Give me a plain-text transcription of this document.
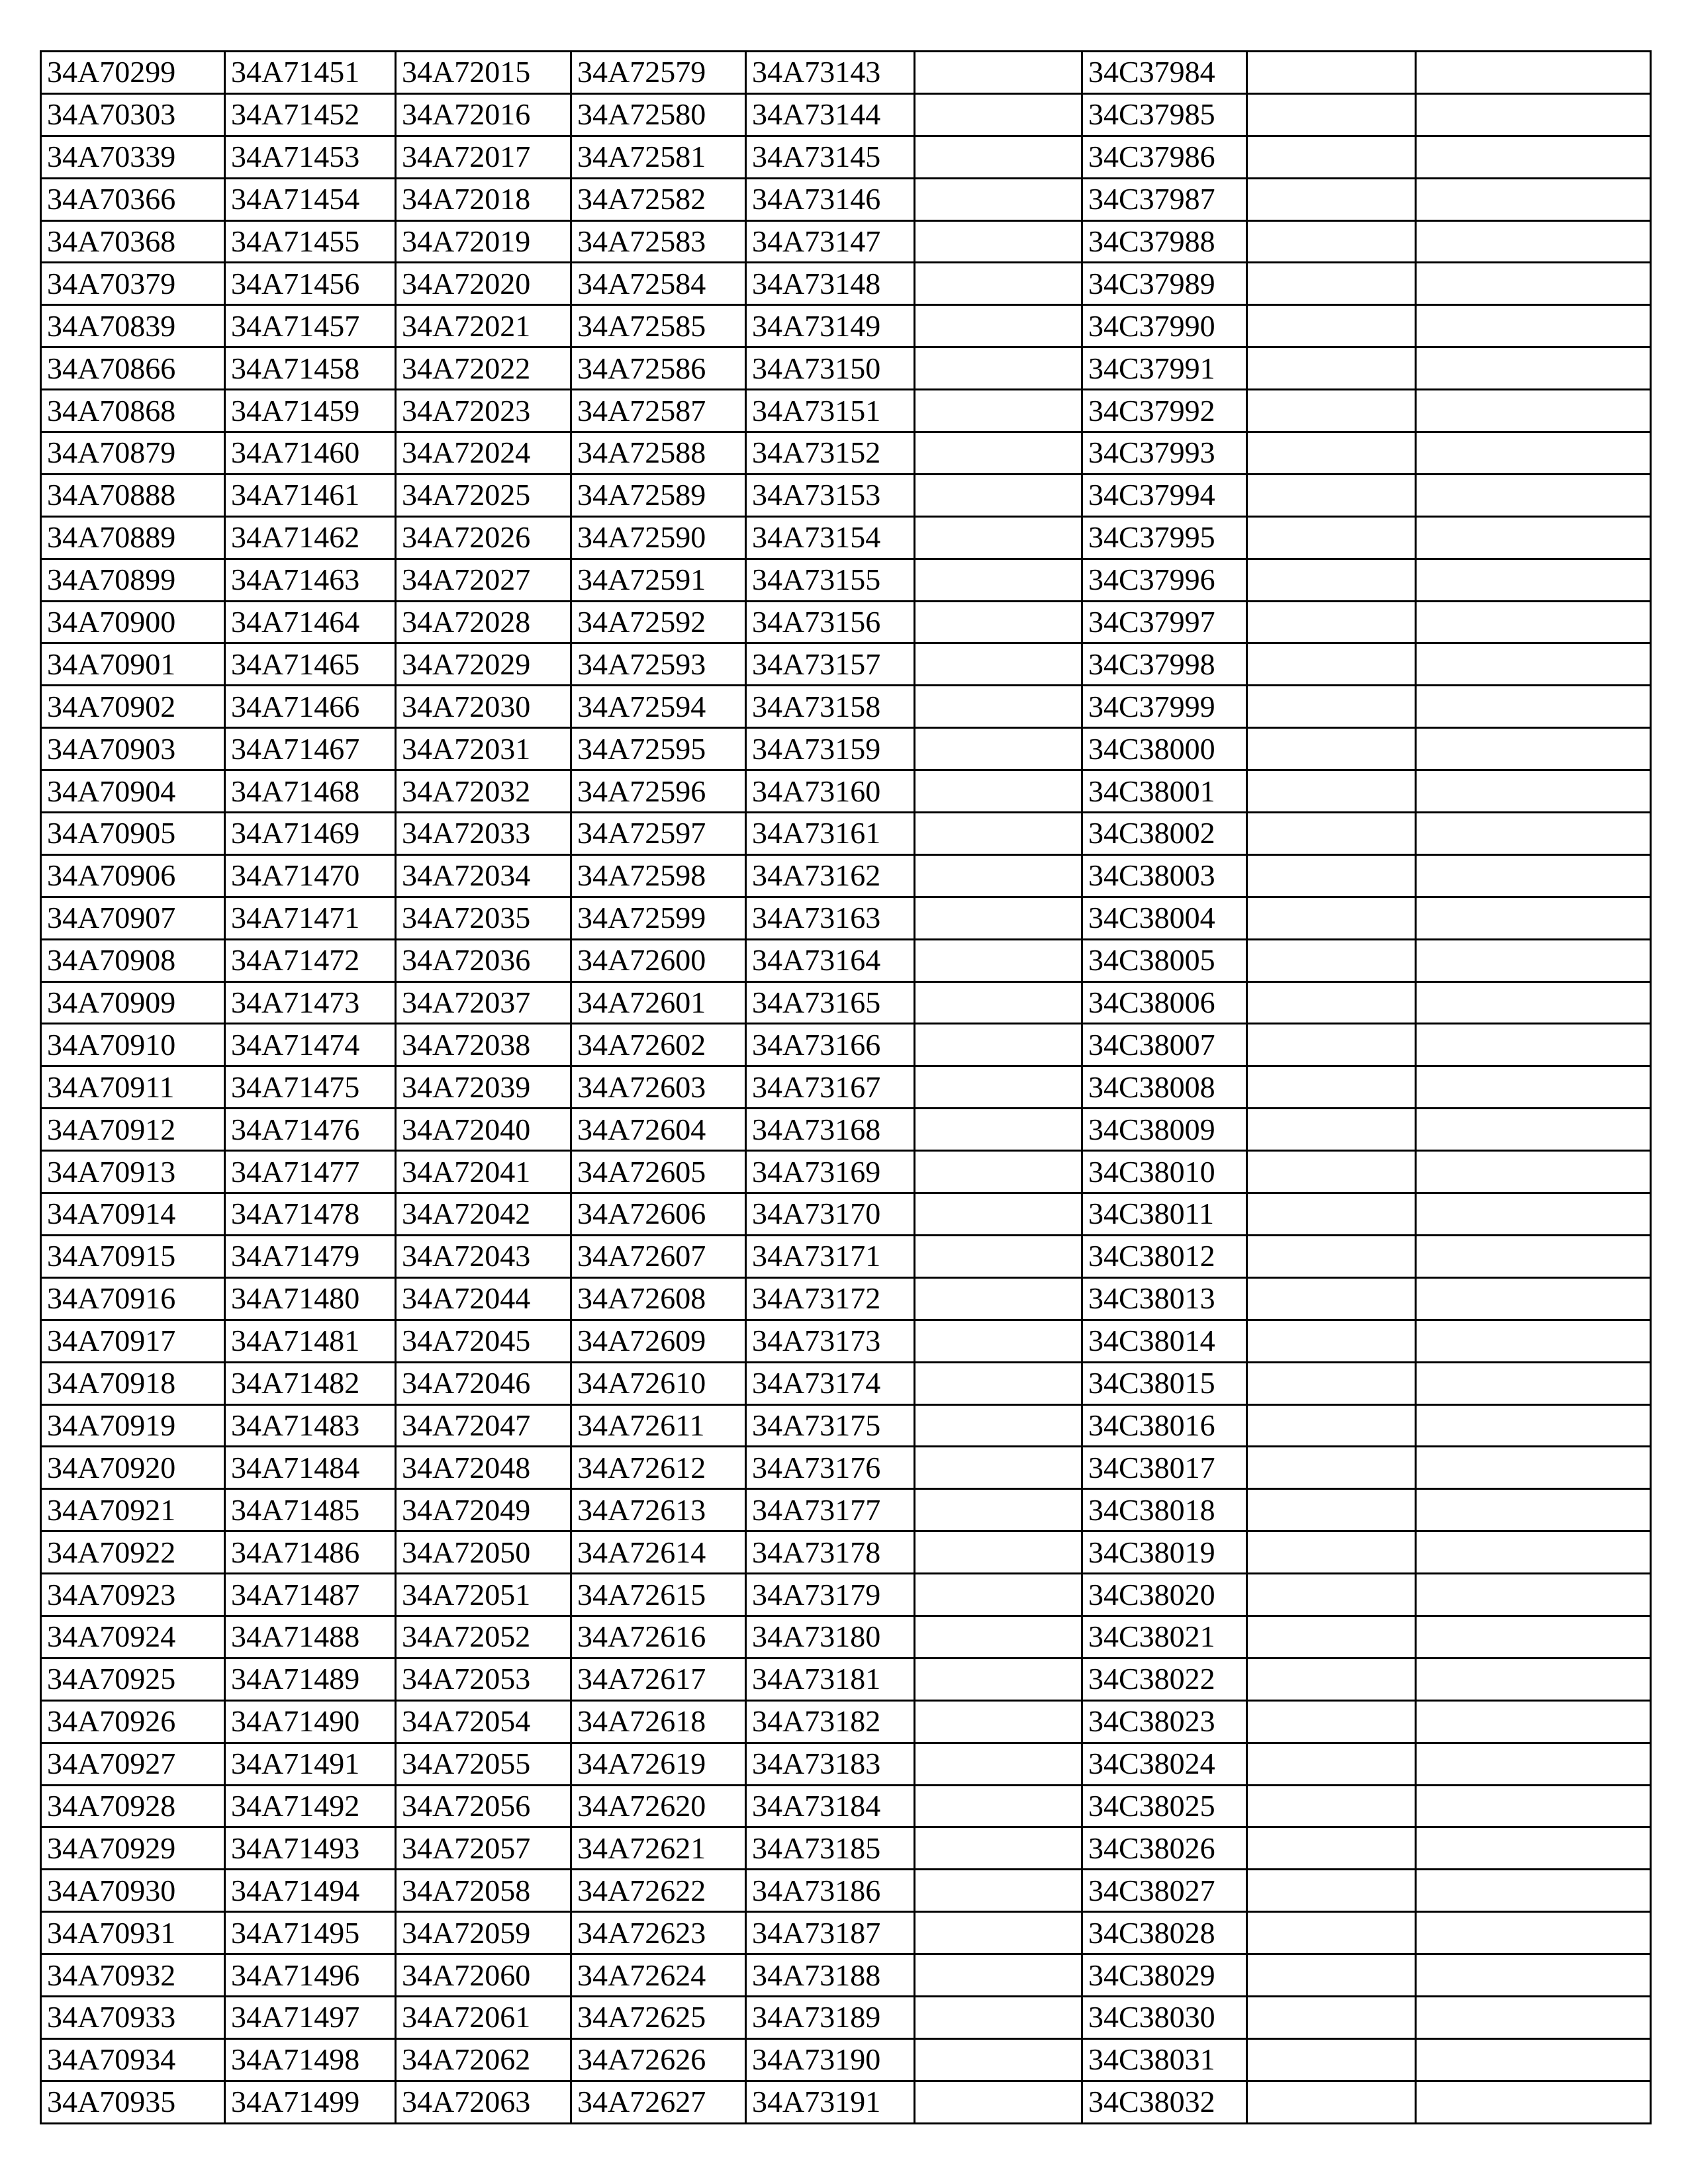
34A70299	34A71451	34A72015	34A72579	34A73143		34C37984		
34A70303	34A71452	34A72016	34A72580	34A73144		34C37985		
34A70339	34A71453	34A72017	34A72581	34A73145		34C37986		
34A70366	34A71454	34A72018	34A72582	34A73146		34C37987		
34A70368	34A71455	34A72019	34A72583	34A73147		34C37988		
34A70379	34A71456	34A72020	34A72584	34A73148		34C37989		
34A70839	34A71457	34A72021	34A72585	34A73149		34C37990		
34A70866	34A71458	34A72022	34A72586	34A73150		34C37991		
34A70868	34A71459	34A72023	34A72587	34A73151		34C37992		
34A70879	34A71460	34A72024	34A72588	34A73152		34C37993		
34A70888	34A71461	34A72025	34A72589	34A73153		34C37994		
34A70889	34A71462	34A72026	34A72590	34A73154		34C37995		
34A70899	34A71463	34A72027	34A72591	34A73155		34C37996		
34A70900	34A71464	34A72028	34A72592	34A73156		34C37997		
34A70901	34A71465	34A72029	34A72593	34A73157		34C37998		
34A70902	34A71466	34A72030	34A72594	34A73158		34C37999		
34A70903	34A71467	34A72031	34A72595	34A73159		34C38000		
34A70904	34A71468	34A72032	34A72596	34A73160		34C38001		
34A70905	34A71469	34A72033	34A72597	34A73161		34C38002		
34A70906	34A71470	34A72034	34A72598	34A73162		34C38003		
34A70907	34A71471	34A72035	34A72599	34A73163		34C38004		
34A70908	34A71472	34A72036	34A72600	34A73164		34C38005		
34A70909	34A71473	34A72037	34A72601	34A73165		34C38006		
34A70910	34A71474	34A72038	34A72602	34A73166		34C38007		
34A70911	34A71475	34A72039	34A72603	34A73167		34C38008		
34A70912	34A71476	34A72040	34A72604	34A73168		34C38009		
34A70913	34A71477	34A72041	34A72605	34A73169		34C38010		
34A70914	34A71478	34A72042	34A72606	34A73170		34C38011		
34A70915	34A71479	34A72043	34A72607	34A73171		34C38012		
34A70916	34A71480	34A72044	34A72608	34A73172		34C38013		
34A70917	34A71481	34A72045	34A72609	34A73173		34C38014		
34A70918	34A71482	34A72046	34A72610	34A73174		34C38015		
34A70919	34A71483	34A72047	34A72611	34A73175		34C38016		
34A70920	34A71484	34A72048	34A72612	34A73176		34C38017		
34A70921	34A71485	34A72049	34A72613	34A73177		34C38018		
34A70922	34A71486	34A72050	34A72614	34A73178		34C38019		
34A70923	34A71487	34A72051	34A72615	34A73179		34C38020		
34A70924	34A71488	34A72052	34A72616	34A73180		34C38021		
34A70925	34A71489	34A72053	34A72617	34A73181		34C38022		
34A70926	34A71490	34A72054	34A72618	34A73182		34C38023		
34A70927	34A71491	34A72055	34A72619	34A73183		34C38024		
34A70928	34A71492	34A72056	34A72620	34A73184		34C38025		
34A70929	34A71493	34A72057	34A72621	34A73185		34C38026		
34A70930	34A71494	34A72058	34A72622	34A73186		34C38027		
34A70931	34A71495	34A72059	34A72623	34A73187		34C38028		
34A70932	34A71496	34A72060	34A72624	34A73188		34C38029		
34A70933	34A71497	34A72061	34A72625	34A73189		34C38030		
34A70934	34A71498	34A72062	34A72626	34A73190		34C38031		
34A70935	34A71499	34A72063	34A72627	34A73191		34C38032		
